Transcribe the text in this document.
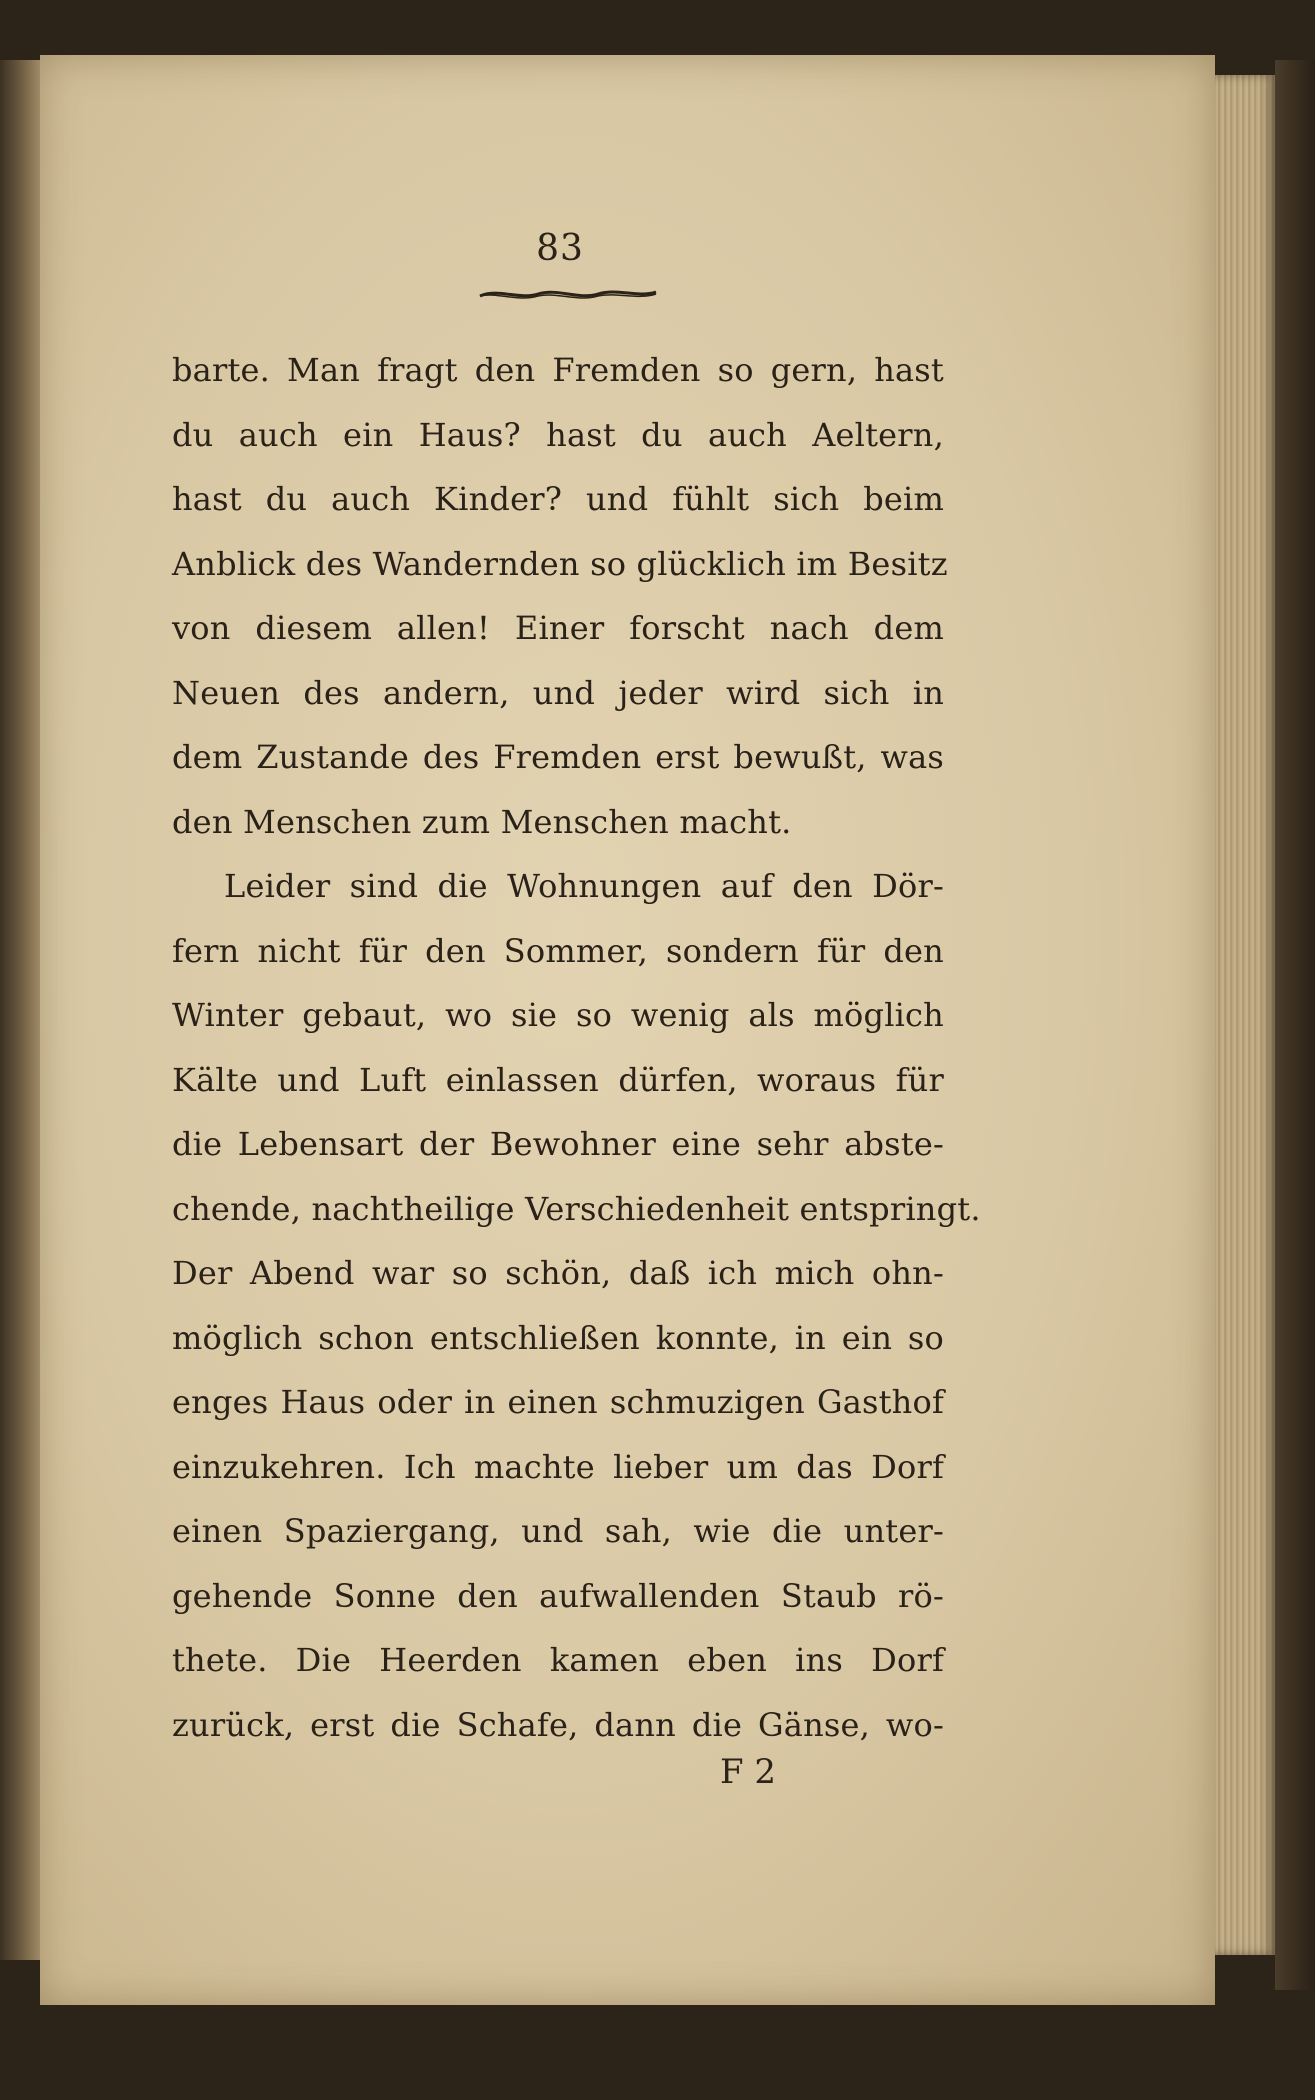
83
barte. Man fragt den Fremden so gern, hast
du auch ein Haus? hast du auch Aeltern,
hast du auch Kinder? und fühlt sich beim
Anblick des Wandernden so glücklich im Besitz
von diesem allen! Einer forscht nach dem
Neuen des andern, und jeder wird sich in
dem Zustande des Fremden erst bewußt, was
den Menschen zum Menschen macht.
Leider sind die Wohnungen auf den Dör-
fern nicht für den Sommer, sondern für den
Winter gebaut, wo sie so wenig als möglich
Kälte und Luft einlassen dürfen, woraus für
die Lebensart der Bewohner eine sehr abste-
chende, nachtheilige Verschiedenheit entspringt.
Der Abend war so schön, daß ich mich ohn-
möglich schon entschließen konnte, in ein so
enges Haus oder in einen schmuzigen Gasthof
einzukehren. Ich machte lieber um das Dorf
einen Spaziergang, und sah, wie die unter-
gehende Sonne den aufwallenden Staub rö-
thete. Die Heerden kamen eben ins Dorf
zurück, erst die Schafe, dann die Gänse, wo-
F 2
